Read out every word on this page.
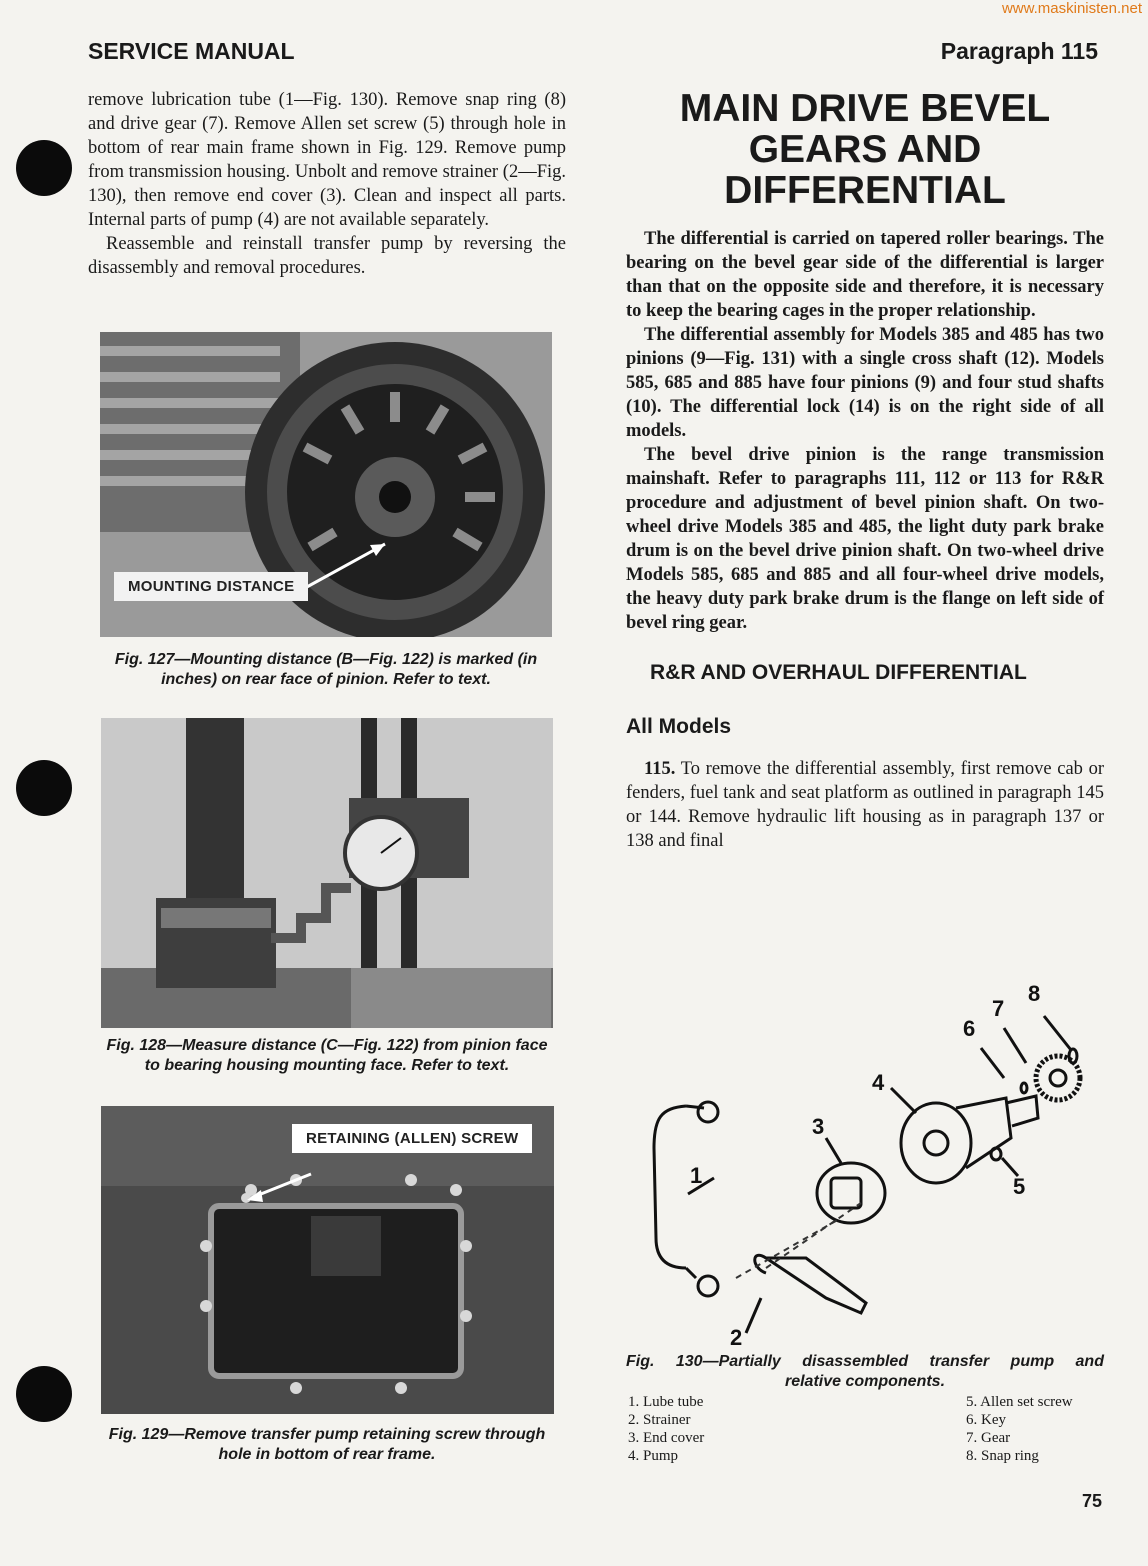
www.maskinisten.net
SERVICE MANUAL	Paragraph 115

remove lubrication tube (1—Fig. 130). Remove snap ring (8) and drive gear (7). Remove Allen set screw (5) through hole in bottom of rear main frame shown in Fig. 129. Remove pump from transmission housing. Unbolt and remove strainer (2—Fig. 130), then remove end cover (3). Clean and inspect all parts. Internal parts of pump (4) are not available separately.

Reassemble and reinstall transfer pump by reversing the disassembly and removal procedures.

MOUNTING DISTANCE
Fig. 127—Mounting distance (B—Fig. 122) is marked (in
inches) on rear face of pinion. Refer to text.
Fig. 128—Measure distance (C—Fig. 122) from pinion face
to bearing housing mounting face. Refer to text.
RETAINING (ALLEN) SCREW
Fig. 129—Remove transfer pump retaining screw through
hole in bottom of rear frame.
MAIN DRIVE BEVEL
GEARS AND
DIFFERENTIAL

The differential is carried on tapered roller bearings. The bearing on the bevel gear side of the differential is larger than that on the opposite side and therefore, it is necessary to keep the bearing cages in the proper relationship.

The differential assembly for Models 385 and 485 has two pinions (9—Fig. 131) with a single cross shaft (12). Models 585, 685 and 885 have four pinions (9) and four stud shafts (10). The differential lock (14) is on the right side of all models.

The bevel drive pinion is the range transmission mainshaft. Refer to paragraphs 111, 112 or 113 for R&R procedure and adjustment of bevel pinion shaft. On two-wheel drive Models 385 and 485, the light duty park brake drum is on the bevel drive pinion shaft. On two-wheel drive Models 585, 685 and 885 and all four-wheel drive models, the heavy duty park brake drum is the flange on left side of bevel ring gear.

R&R AND OVERHAUL DIFFERENTIAL
All Models

115. To remove the differential assembly, first remove cab or fenders, fuel tank and seat platform as outlined in paragraph 145 or 144. Remove hydraulic lift housing as in paragraph 137 or 138 and final

1
2
3
4
5
6
7
8
Fig. 130—Partially disassembled transfer pump and
relative components.
1. Lube tube
2. Strainer
3. End cover
4. Pump
5. Allen set screw
6. Key
7. Gear
8. Snap ring
75
